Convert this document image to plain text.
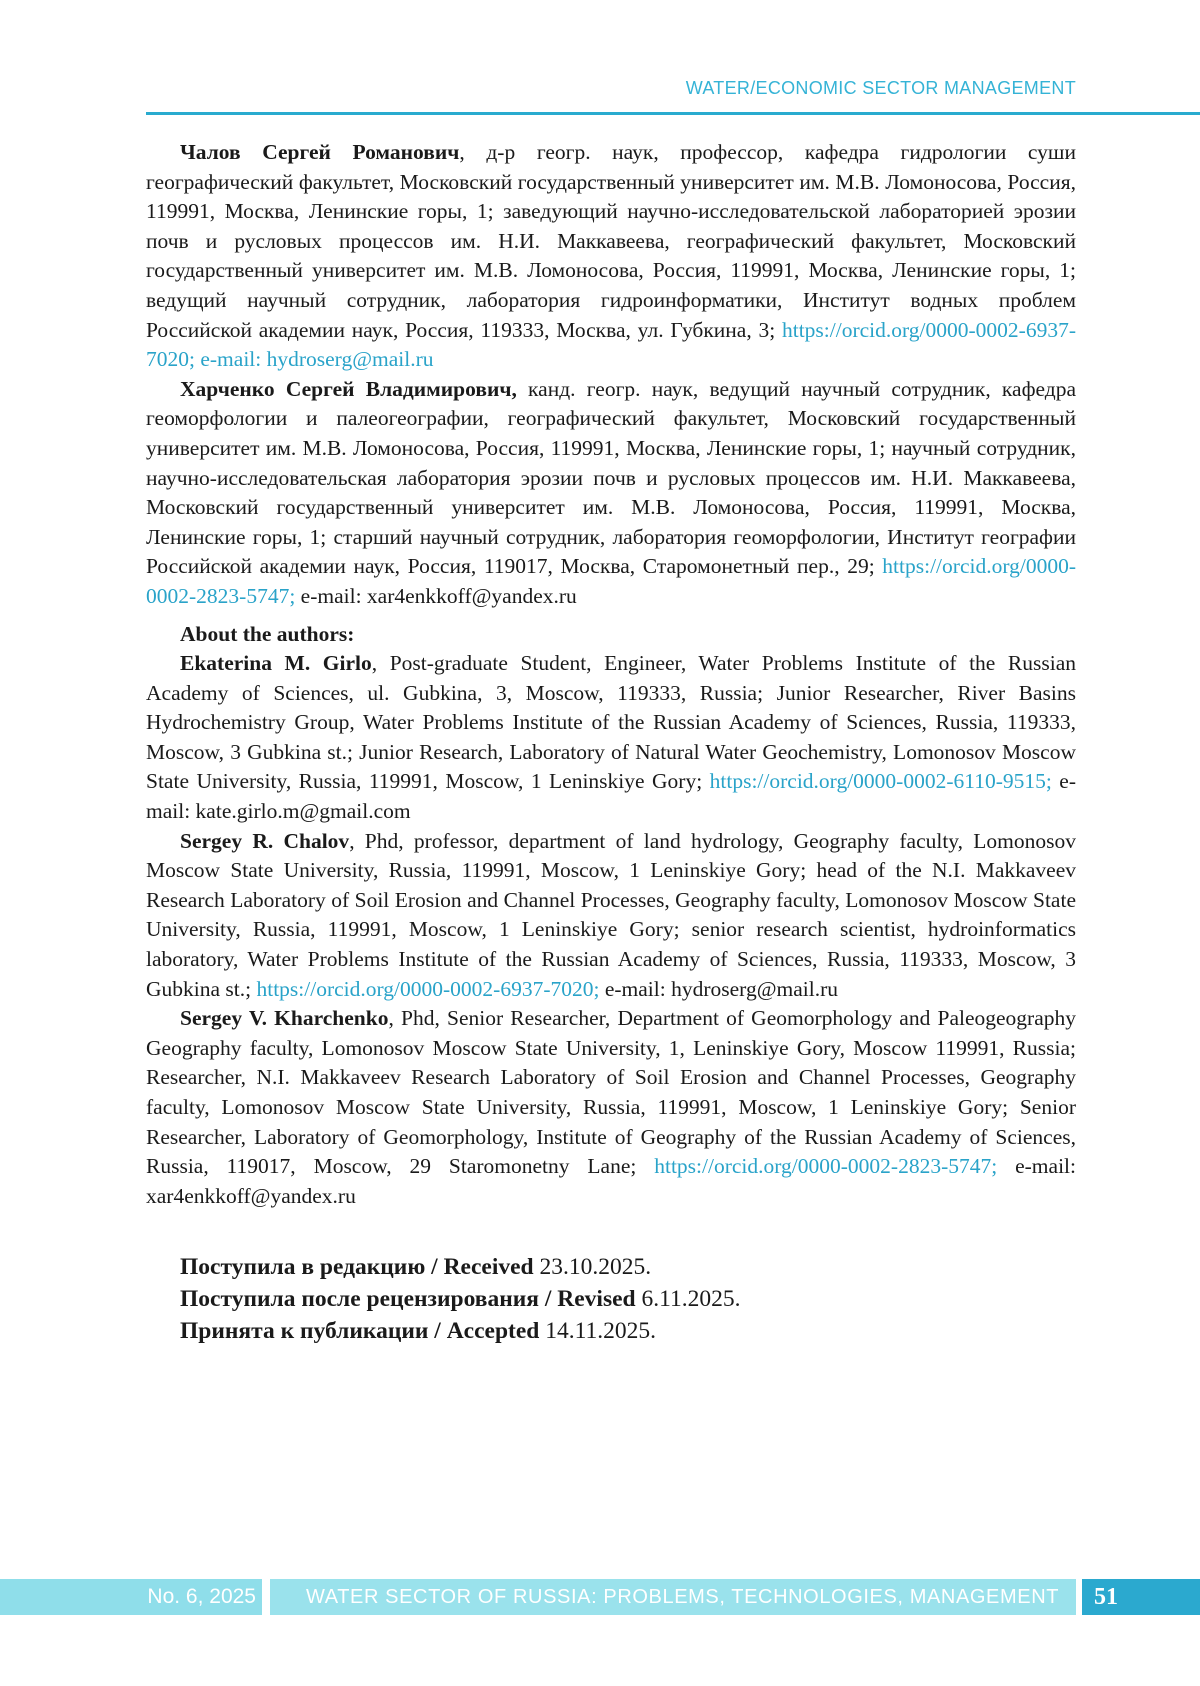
WATER/ECONOMIC SECTOR MANAGEMENT

Чалов Сергей Романович, д-р геогр. наук, профессор, кафедра гидрологии суши географический факультет, Московский государственный университет им. М.В. Ломоносова, Россия, 119991, Москва, Ленинские горы, 1; заведующий научно-исследовательской лабораторией эрозии почв и русловых процессов им. Н.И. Маккавеева, географический факультет, Московский государственный университет им. М.В. Ломоносова, Россия, 119991, Москва, Ленинские горы, 1; ведущий научный сотрудник, лаборатория гидроинформатики, Институт водных проблем Российской академии наук, Россия, 119333, Москва, ул. Губкина, 3; https://orcid.org/0000-0002-6937-7020; e-mail: hydroserg@mail.ru

Харченко Сергей Владимирович, канд. геогр. наук, ведущий научный сотрудник, кафедра геоморфологии и палеогеографии, географический факультет, Московский государственный университет им. М.В. Ломоносова, Россия, 119991, Москва, Ленинские горы, 1; научный сотрудник, научно-исследовательская лаборатория эрозии почв и русловых процессов им. Н.И. Маккавеева, Московский государственный университет им. М.В. Ломоносова, Россия, 119991, Москва, Ленинские горы, 1; старший научный сотрудник, лаборатория геоморфологии, Институт географии Российской академии наук, Россия, 119017, Москва, Старомонетный пер., 29; https://orcid.org/0000-0002-2823-5747; e-mail: xar4enkkoff@yandex.ru

About the authors:

Ekaterina M. Girlo, Post-graduate Student, Engineer, Water Problems Institute of the Russian Academy of Sciences, ul. Gubkina, 3, Moscow, 119333, Russia; Junior Researcher, River Basins Hydrochemistry Group, Water Problems Institute of the Russian Academy of Sciences, Russia, 119333, Moscow, 3 Gubkina st.; Junior Research, Laboratory of Natural Water Geochemistry, Lomonosov Moscow State University, Russia, 119991, Moscow, 1 Leninskiye Gory; https://orcid.org/0000-0002-6110-9515; e-mail: kate.girlo.m@gmail.com

Sergey R. Chalov, Phd, professor, department of land hydrology, Geography faculty, Lomonosov Moscow State University, Russia, 119991, Moscow, 1 Leninskiye Gory; head of the N.I. Makkaveev Research Laboratory of Soil Erosion and Channel Processes, Geography faculty, Lomonosov Moscow State University, Russia, 119991, Moscow, 1 Leninskiye Gory; senior research scientist, hydroinformatics laboratory, Water Problems Institute of the Russian Academy of Sciences, Russia, 119333, Moscow, 3 Gubkina st.; https://orcid.org/0000-0002-6937-7020; e-mail: hydroserg@mail.ru

Sergey V. Kharchenko, Phd, Senior Researcher, Department of Geomorphology and Paleogeography Geography faculty, Lomonosov Moscow State University, 1, Leninskiye Gory, Moscow 119991, Russia; Researcher, N.I. Makkaveev Research Laboratory of Soil Erosion and Channel Processes, Geography faculty, Lomonosov Moscow State University, Russia, 119991, Moscow, 1 Leninskiye Gory; Senior Researcher, Laboratory of Geomorphology, Institute of Geography of the Russian Academy of Sciences, Russia, 119017, Moscow, 29 Staromonetny Lane; https://orcid.org/0000-0002-2823-5747; e-mail: xar4enkkoff@yandex.ru

Поступила в редакцию / Received 23.10.2025.
Поступила после рецензирования / Revised 6.11.2025.
Принята к публикации / Accepted 14.11.2025.
No. 6, 2025	WATER SECTOR OF RUSSIA: PROBLEMS, TECHNOLOGIES, MANAGEMENT	51
